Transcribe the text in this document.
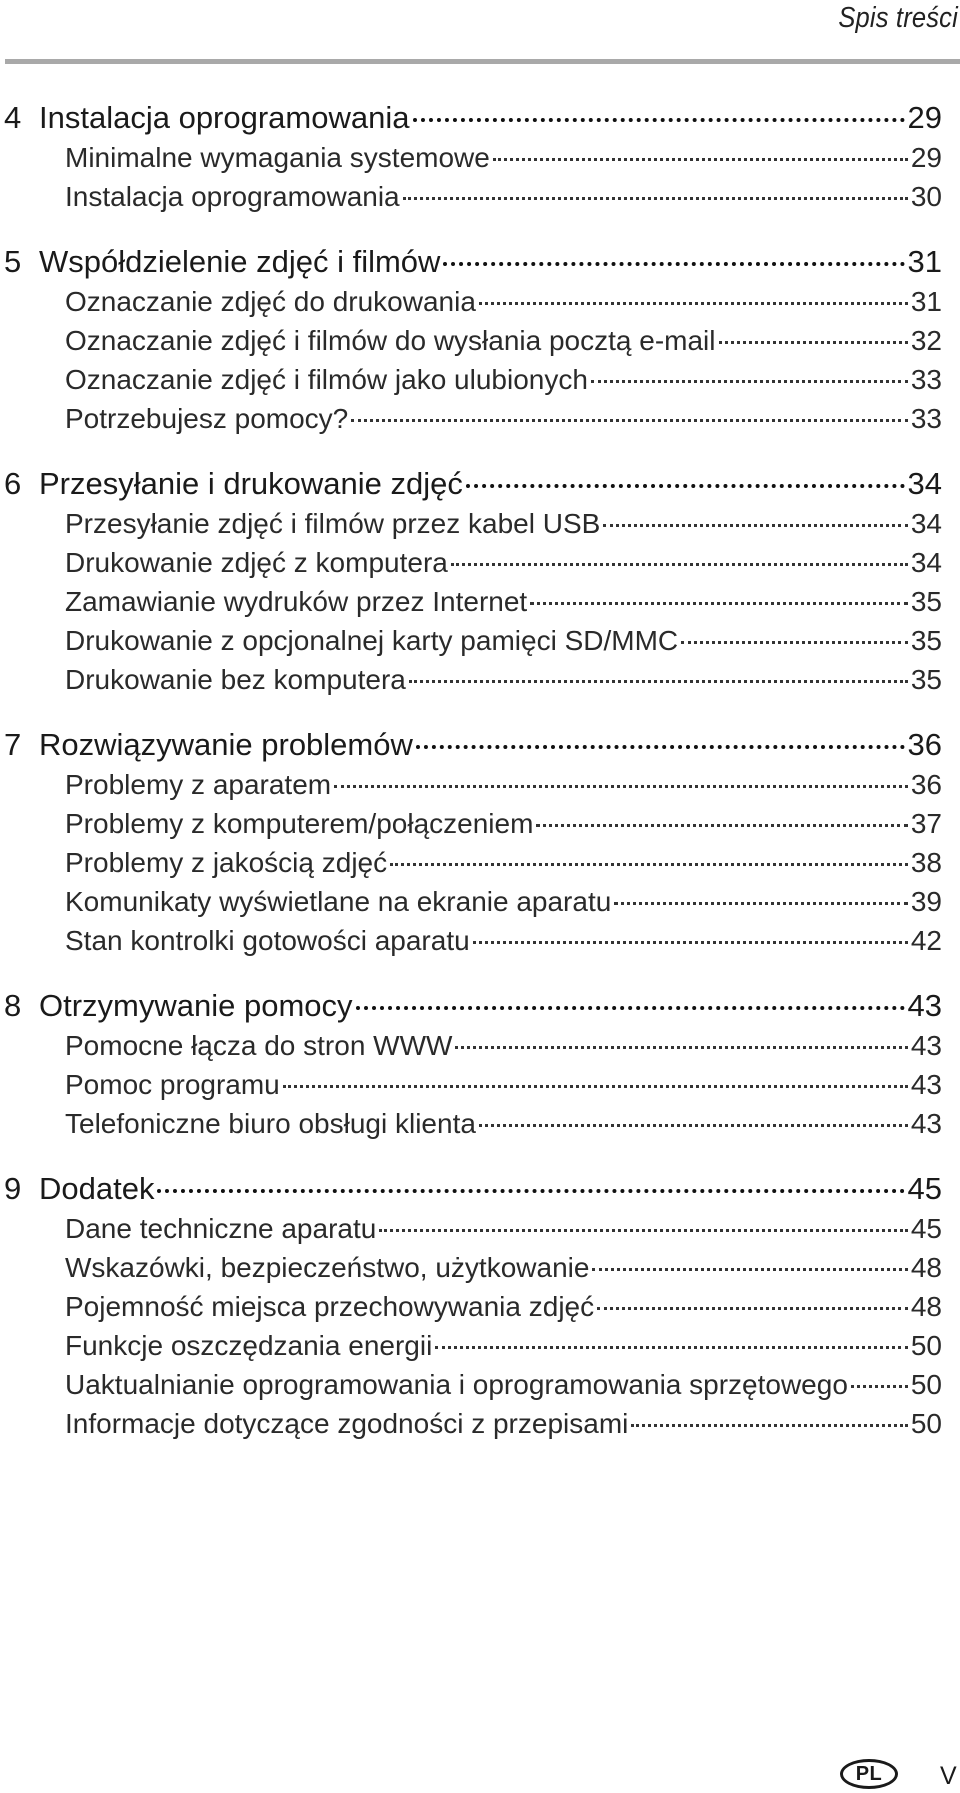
Spis treści
4 Instalacja oprogramowania	29
Minimalne wymagania systemowe	29
Instalacja oprogramowania	30
5 Współdzielenie zdjęć i filmów	31
Oznaczanie zdjęć do drukowania	31
Oznaczanie zdjęć i filmów do wysłania pocztą e-mail	32
Oznaczanie zdjęć i filmów jako ulubionych	33
Potrzebujesz pomocy?	33
6 Przesyłanie i drukowanie zdjęć	34
Przesyłanie zdjęć i filmów przez kabel USB	34
Drukowanie zdjęć z komputera	34
Zamawianie wydruków przez Internet	35
Drukowanie z opcjonalnej karty pamięci SD/MMC	35
Drukowanie bez komputera	35
7 Rozwiązywanie problemów	36
Problemy z aparatem	36
Problemy z komputerem/połączeniem	37
Problemy z jakością zdjęć	38
Komunikaty wyświetlane na ekranie aparatu	39
Stan kontrolki gotowości aparatu	42
8 Otrzymywanie pomocy	43
Pomocne łącza do stron WWW	43
Pomoc programu	43
Telefoniczne biuro obsługi klienta	43
9 Dodatek	45
Dane techniczne aparatu	45
Wskazówki, bezpieczeństwo, użytkowanie	48
Pojemność miejsca przechowywania zdjęć	48
Funkcje oszczędzania energii	50
Uaktualnianie oprogramowania i oprogramowania sprzętowego 50
Informacje dotyczące zgodności z przepisami	50
PL	V
